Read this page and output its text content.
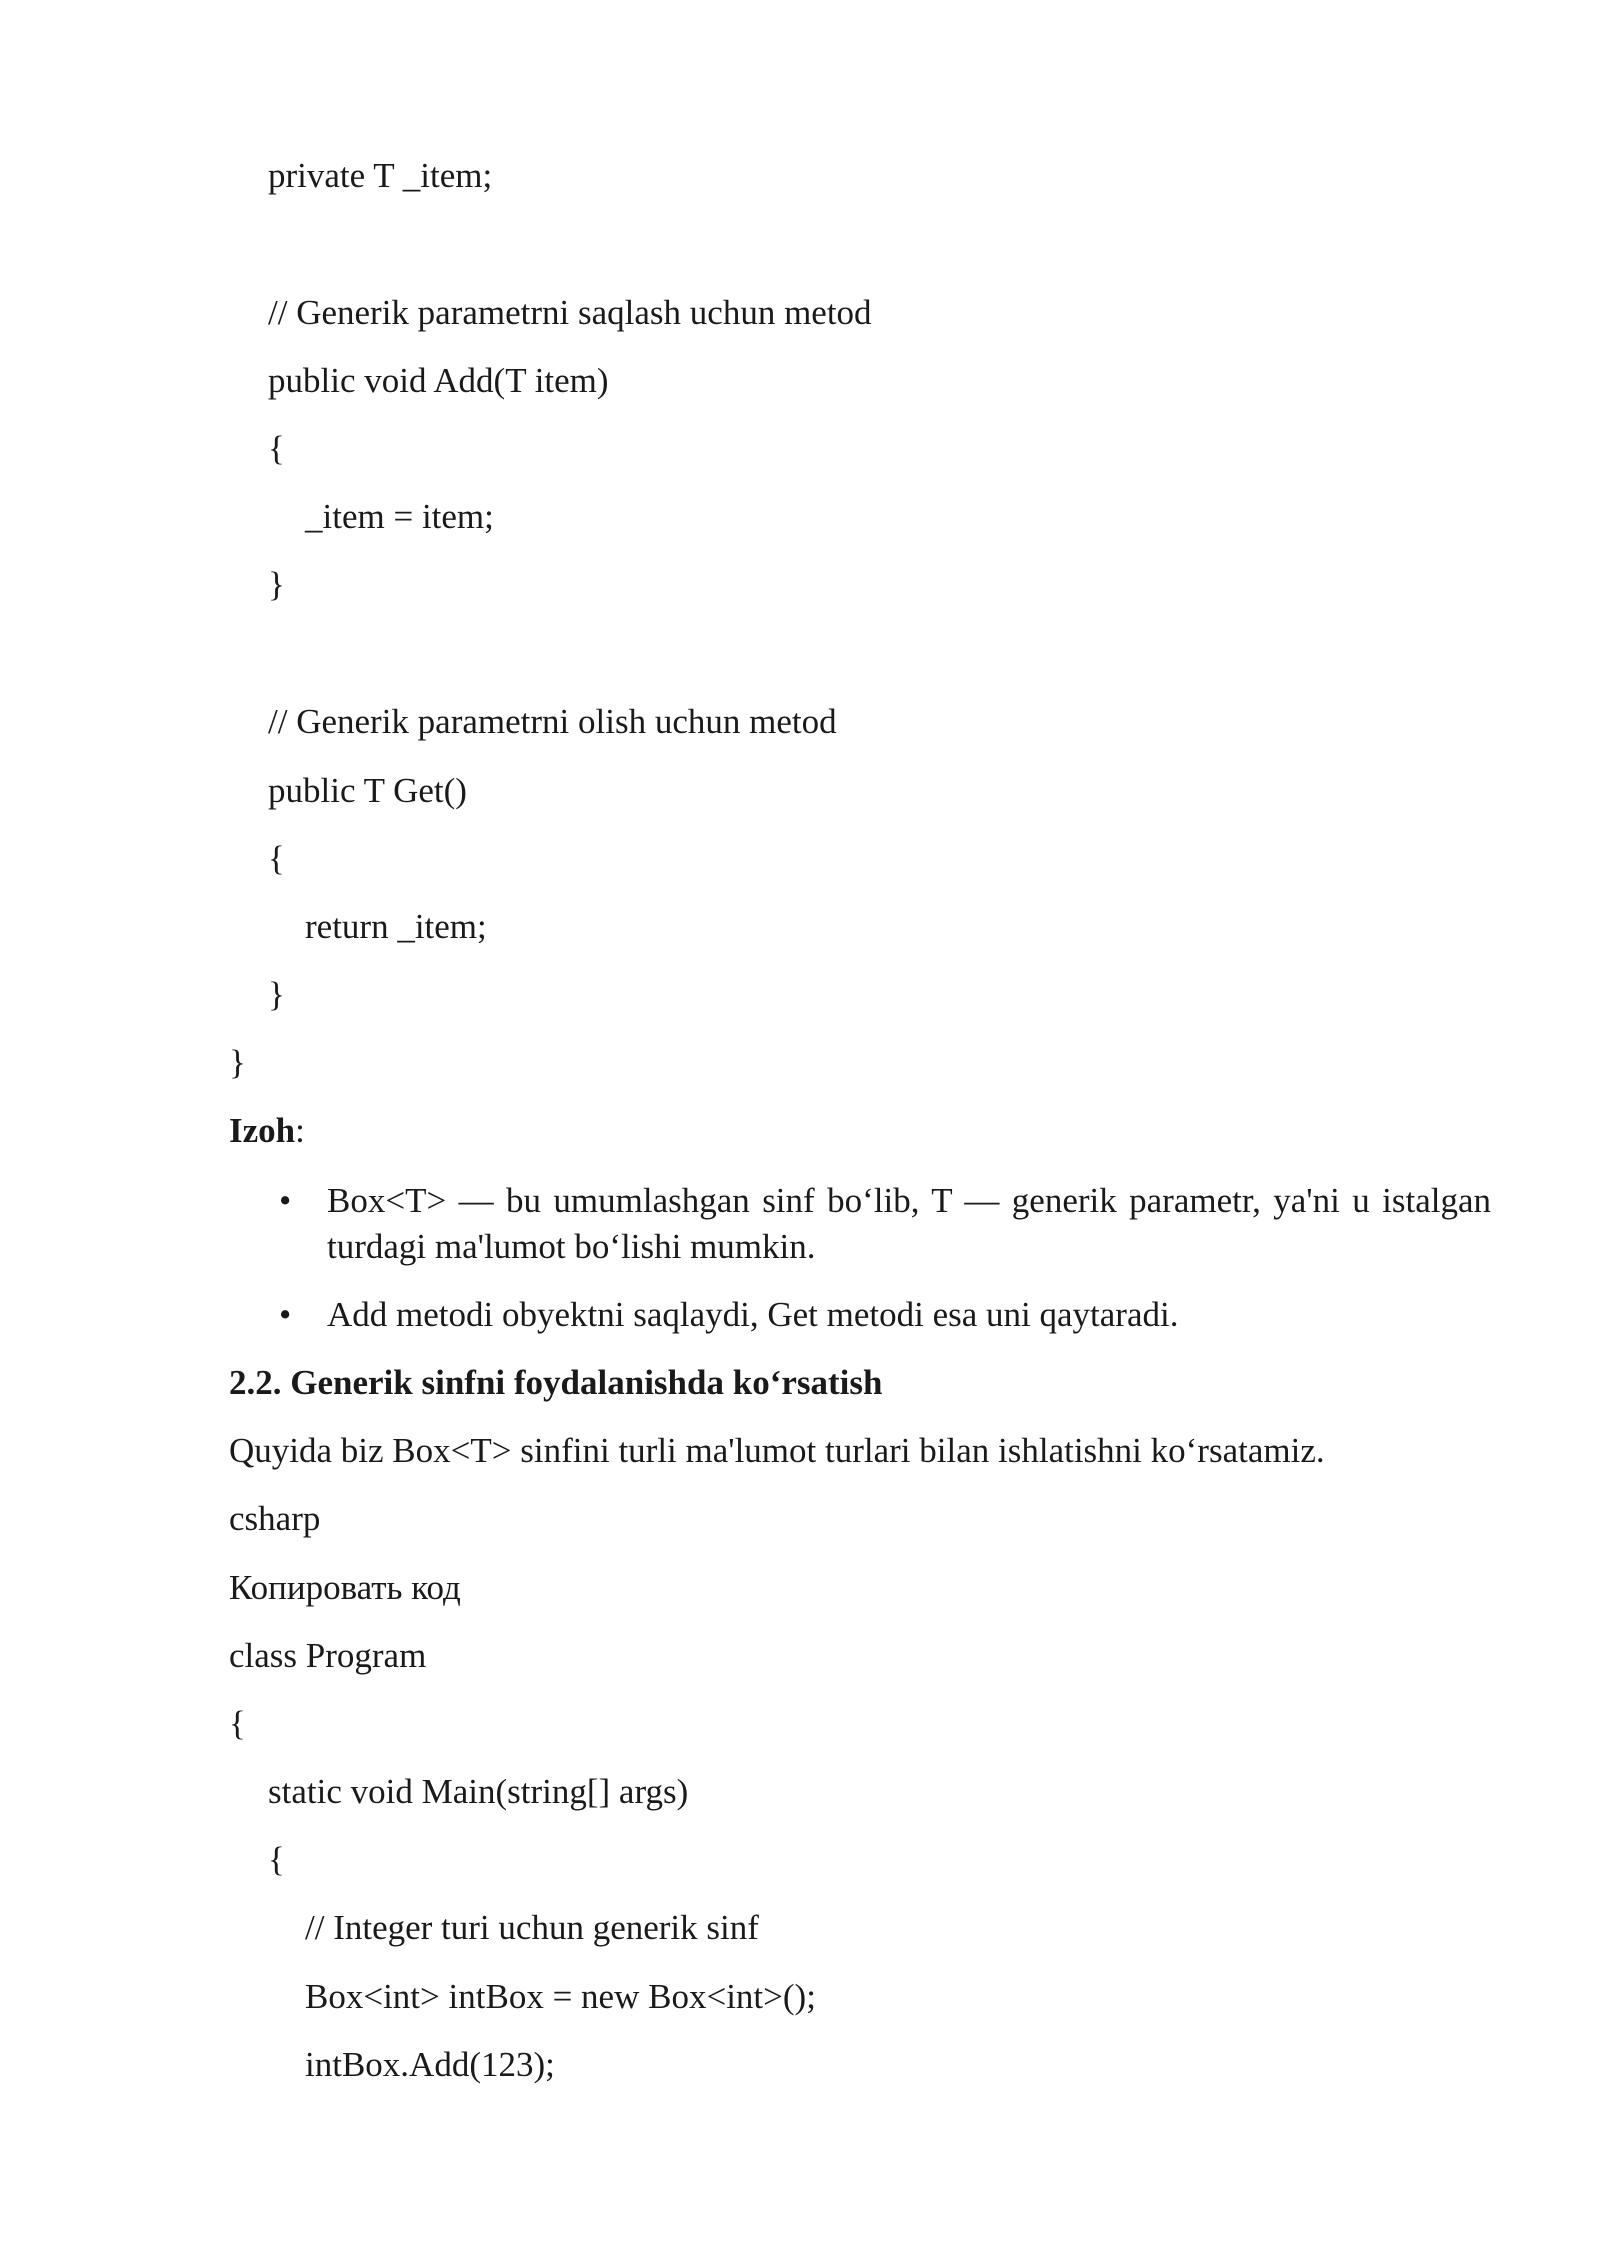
private T _item;
// Generik parametrni saqlash uchun metod
public void Add(T item)
{
_item = item;
}
// Generik parametrni olish uchun metod
public T Get()
{
return _item;
}
}
Izoh:
• Box<T> — bu umumlashgan sinf bo‘lib, T — generik parametr, ya'ni u istalgan turdagi ma'lumot bo‘lishi mumkin.
• Add metodi obyektni saqlaydi, Get metodi esa uni qaytaradi.
2.2. Generik sinfni foydalanishda ko‘rsatish
Quyida biz Box<T> sinfini turli ma'lumot turlari bilan ishlatishni ko‘rsatamiz.
csharp
Копировать код
class Program
{
static void Main(string[] args)
{
// Integer turi uchun generik sinf
Box<int> intBox = new Box<int>();
intBox.Add(123);
